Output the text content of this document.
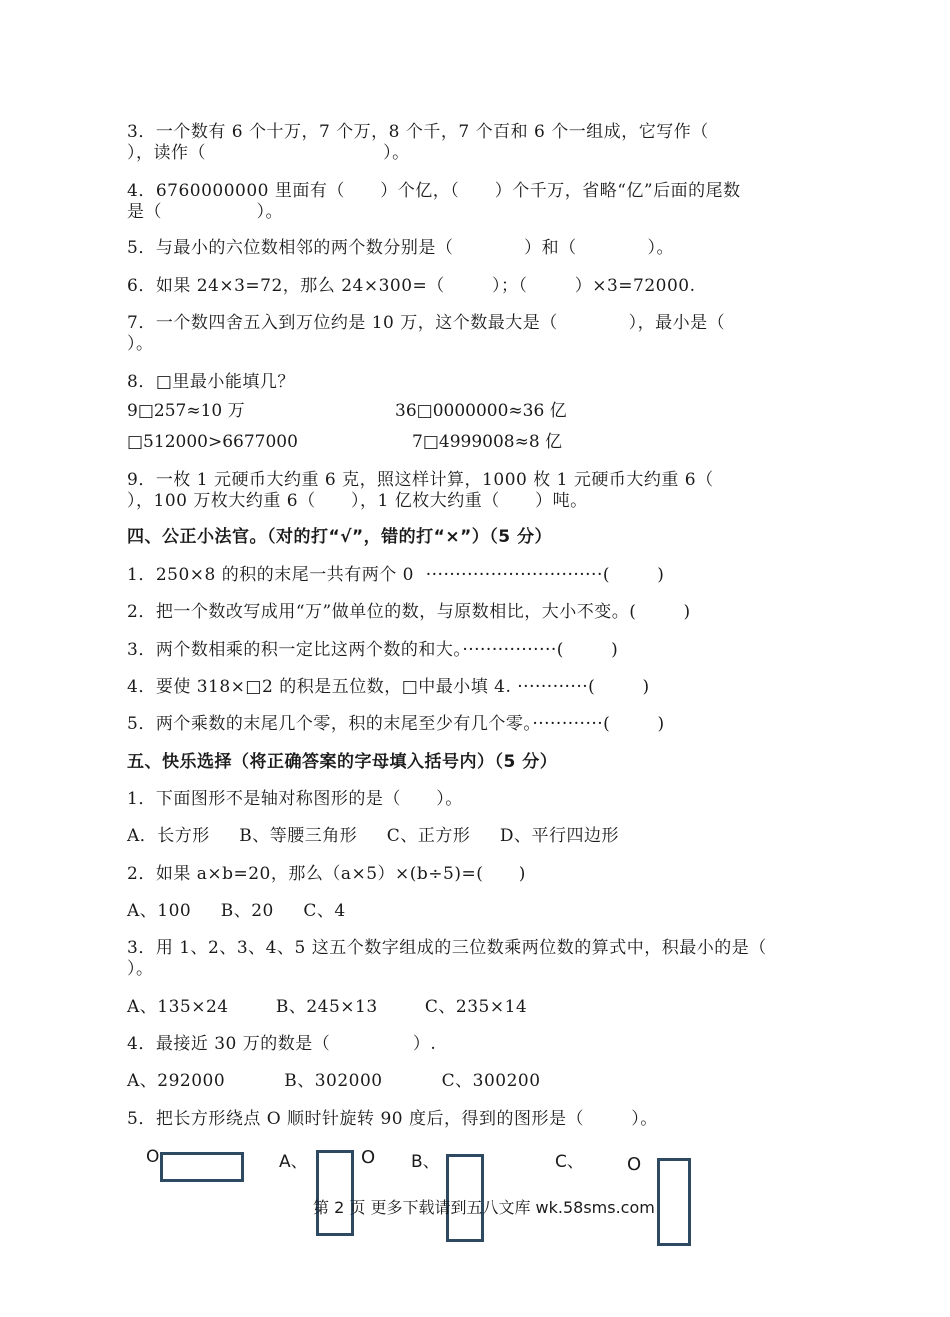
3．一个数有 6 个十万，7 个万，8 个千，7 个百和 6 个一组成，它写作（
），读作（                              ）。
4．6760000000 里面有（      ）个亿，（      ）个千万，省略“亿”后面的尾数
是（                ）。
5．与最小的六位数相邻的两个数分别是（            ）和（            ）。
6．如果 24×3=72，那么 24×300=（        ）；（        ）×3=72000.
7．一个数四舍五入到万位约是 10 万，这个数最大是（            ），最小是（
）。
8．□里最小能填几？
9．一枚 1 元硬币大约重 6 克，照这样计算，1000 枚 1 元硬币大约重 6（
），100 万枚大约重 6（      ），1 亿枚大约重（      ）吨。
1．250×8 的积的末尾一共有两个 0  ······························(        )
2．把一个数改写成用“万”做单位的数，与原数相比，大小不变。(        )
3．两个数相乘的积一定比这两个数的和大。················(        )
4．要使 318×□2 的积是五位数，□中最小填 4. ············(        )
5．两个乘数的末尾几个零，积的末尾至少有几个零。············(        )
1．下面图形不是轴对称图形的是（      ）。
A．长方形     B、等腰三角形     C、正方形     D、平行四边形
2．如果 a×b=20，那么（a×5）×(b÷5)=(      )
A、100     B、20     C、4
3．用 1、2、3、4、5 这五个数字组成的三位数乘两位数的算式中，积最小的是（
）。
A、135×24        B、245×13        C、235×14
4．最接近 30 万的数是（              ）.
A、292000          B、302000          C、300200
5．把长方形绕点 O 顺时针旋转 90 度后，得到的图形是（        ）。
四、公正小法官。（对的打“√”，错的打“×”）（5 分）
五、快乐选择（将正确答案的字母填入括号内）（5 分）
9□257≈10 万	36□0000000≈36 亿
□512000>6677000	7□4999008≈8 亿
O	A、	O B、	C、 O
第 2 页 更多下载请到五八文库 wk.58sms.com
